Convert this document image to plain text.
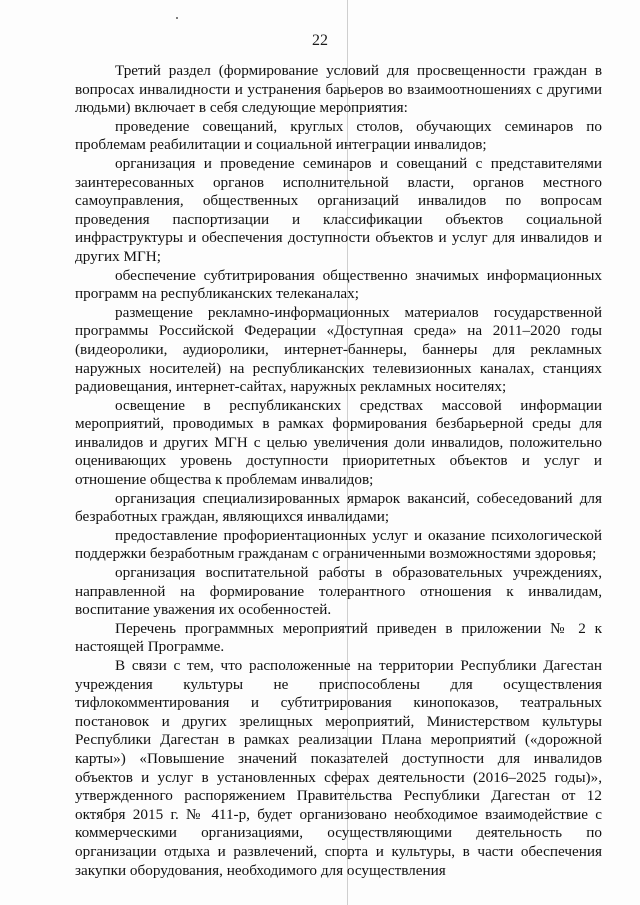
22

Третий раздел (формирование условий для просвещенности граждан в вопросах инвалидности и устранения барьеров во взаимоотношениях с другими людьми) включает в себя следующие мероприятия:

проведение совещаний, круглых столов, обучающих семинаров по проблемам реабилитации и социальной интеграции инвалидов;

организация и проведение семинаров и совещаний с представителями заинтересованных органов исполнительной власти, органов местного самоуправления, общественных организаций инвалидов по вопросам проведения паспортизации и классификации объектов социальной инфраструктуры и обеспечения доступности объектов и услуг для инвалидов и других МГН;

обеспечение субтитрирования общественно значимых информационных программ на республиканских телеканалах;

размещение рекламно-информационных материалов государственной программы Российской Федерации «Доступная среда» на 2011–2020 годы (видеоролики, аудиоролики, интернет-баннеры, баннеры для рекламных наружных носителей) на республиканских телевизионных каналах, станциях радиовещания, интернет-сайтах, наружных рекламных носителях;

освещение в республиканских средствах массовой информации мероприятий, проводимых в рамках формирования безбарьерной среды для инвалидов и других МГН с целью увеличения доли инвалидов, положительно оценивающих уровень доступности приоритетных объектов и услуг и отношение общества к проблемам инвалидов;

организация специализированных ярмарок вакансий, собеседований для безработных граждан, являющихся инвалидами;

предоставление профориентационных услуг и оказание психологической поддержки безработным гражданам с ограниченными возможностями здоровья;

организация воспитательной работы в образовательных учреждениях, направленной на формирование толерантного отношения к инвалидам, воспитание уважения их особенностей.

Перечень программных мероприятий приведен в приложении № 2 к настоящей Программе.

В связи с тем, что расположенные на территории Республики Дагестан учреждения культуры не приспособлены для осуществления тифлокомментирования и субтитрирования кинопоказов, театральных постановок и других зрелищных мероприятий, Министерством культуры Республики Дагестан в рамках реализации Плана мероприятий («дорожной карты») «Повышение значений показателей доступности для инвалидов объектов и услуг в установленных сферах деятельности (2016–2025 годы)», утвержденного распоряжением Правительства Республики Дагестан от 12 октября 2015 г. № 411-р, будет организовано необходимое взаимодействие с коммерческими организациями, осуществляющими деятельность по организации отдыха и развлечений, спорта и культуры, в части обеспечения закупки оборудования, необходимого для осуществления
